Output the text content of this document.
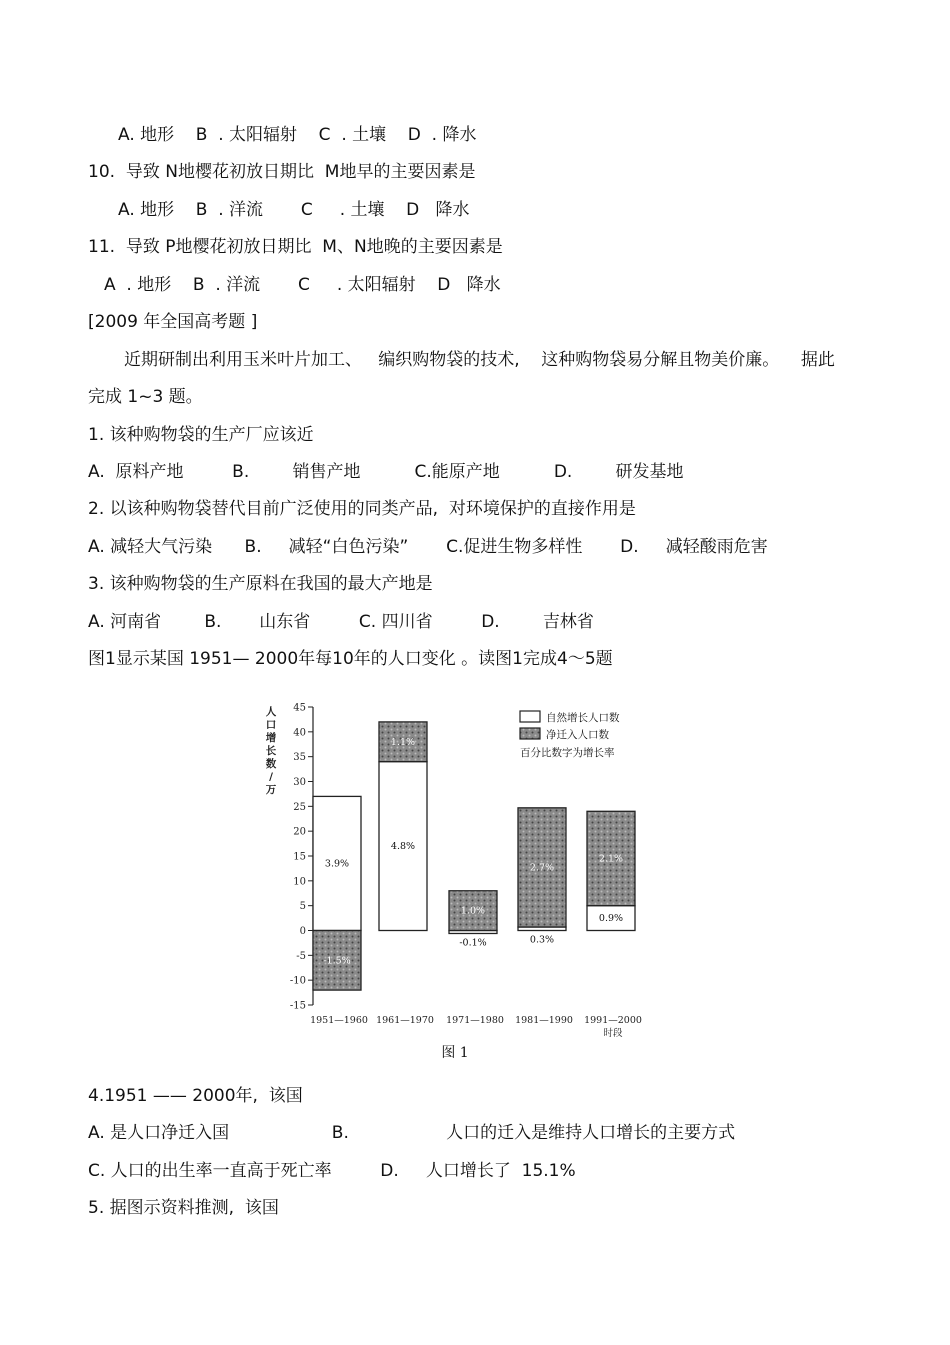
A. 地形    B  . 太阳辐射    C  . 土壤    D  . 降水
10.  导致 N地樱花初放日期比  M地早的主要因素是
A. 地形    B  . 洋流       C     . 土壤    D   降水
11.  导致 P地樱花初放日期比  M、N地晚的主要因素是
A  . 地形    B  . 洋流       C     . 太阳辐射    D   降水
[2009 年全国高考题 ]
近期研制出利用玉米叶片加工、   编织购物袋的技术,    这种购物袋易分解且物美价廉。    据此
完成 1~3 题。
1. 该种购物袋的生产厂应该近
A.  原料产地         B.        销售产地          C.能原产地          D.        研发基地
2. 以该种购物袋替代目前广泛使用的同类产品,  对环境保护的直接作用是
A. 减轻大气污染      B.     减轻“白色污染”       C.促进生物多样性       D.     减轻酸雨危害
3. 该种购物袋的生产原料在我国的最大产地是
A. 河南省        B.       山东省         C. 四川省         D.        吉林省
图1显示某国 1951— 2000年每10年的人口变化 。读图1完成4～5题
45
40
35
30
25
20
15
10
5
0
-5
-10
-15
人
口
增
长
数
/
万
3.9%
-1.5%
1951—1960
4.8%
1.1%
1961—1970
-0.1%
1.0%
1971—1980
0.3%
2.7%
1981—1990
0.9%
2.1%
1991—2000
时段
自然增长人口数
净迁入人口数
百分比数字为增长率
图 1
4.1951 —— 2000年,  该国
A. 是人口净迁入国                   B.                  人口的迁入是维持人口增长的主要方式
C. 人口的出生率一直高于死亡率         D.     人口增长了  15.1%
5. 据图示资料推测,  该国
